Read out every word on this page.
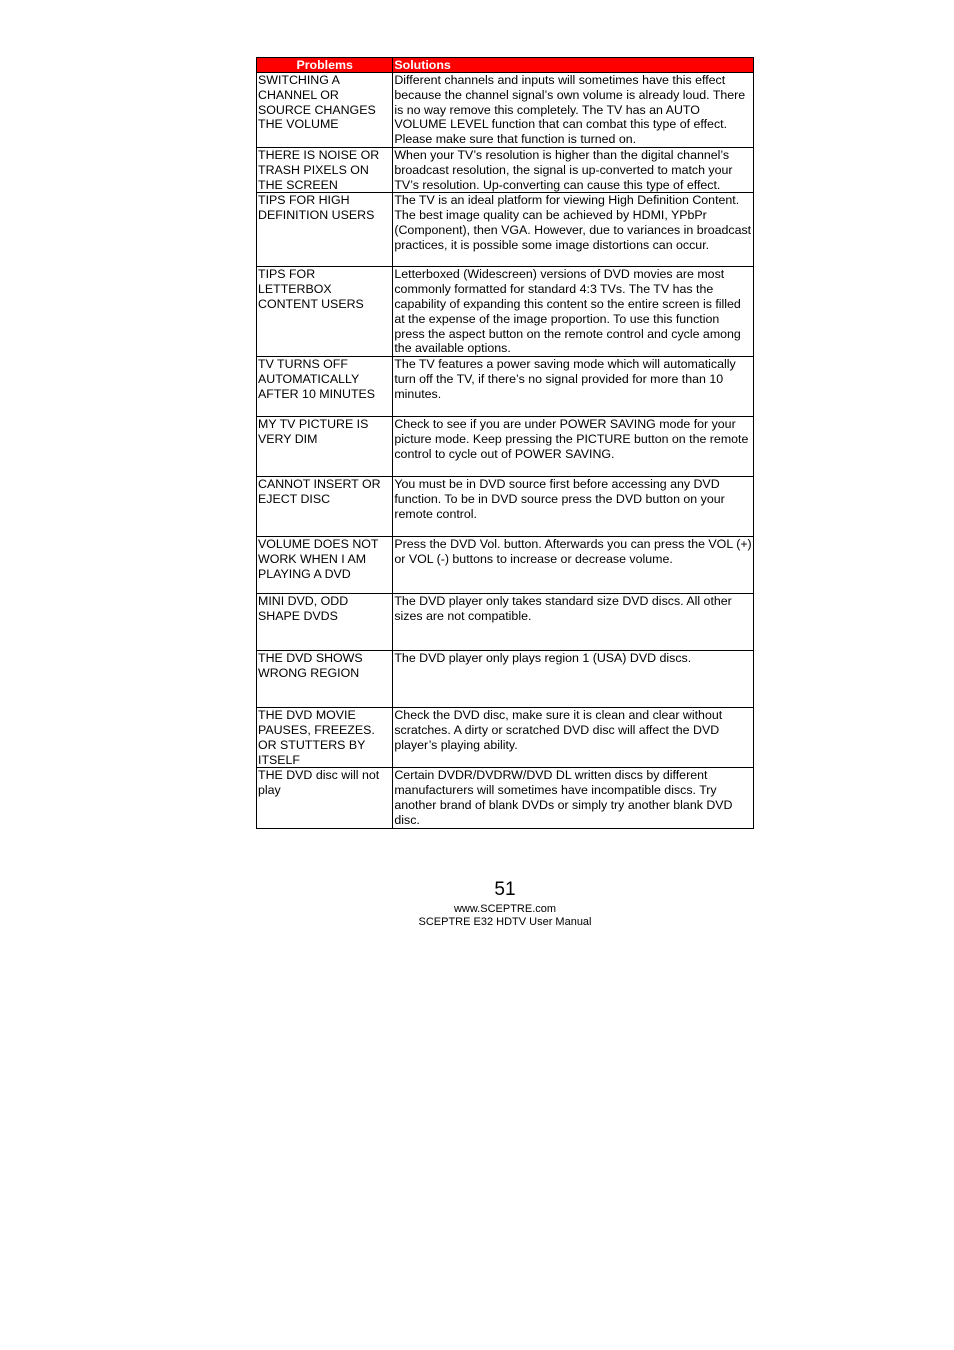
Problems	Solutions
SWITCHING A CHANNEL OR SOURCE CHANGES THE VOLUME	Different channels and inputs will sometimes have this effect because the channel signal’s own volume is already loud. There is no way remove this completely. The TV has an AUTO VOLUME LEVEL function that can combat this type of effect. Please make sure that function is turned on.
THERE IS NOISE OR TRASH PIXELS ON THE SCREEN	When your TV’s resolution is higher than the digital channel’s broadcast resolution, the signal is up-converted to match your TV’s resolution. Up-converting can cause this type of effect.
TIPS FOR HIGH DEFINITION USERS	The TV is an ideal platform for viewing High Definition Content. The best image quality can be achieved by HDMI, YPbPr (Component), then VGA. However, due to variances in broadcast practices, it is possible some image distortions can occur.
TIPS FOR LETTERBOX CONTENT USERS	Letterboxed (Widescreen) versions of DVD movies are most commonly formatted for standard 4:3 TVs. The TV has the capability of expanding this content so the entire screen is filled at the expense of the image proportion. To use this function press the aspect button on the remote control and cycle among the available options.
TV TURNS OFF AUTOMATICALLY AFTER 10 MINUTES	The TV features a power saving mode which will automatically turn off the TV, if there’s no signal provided for more than 10 minutes.
MY TV PICTURE IS VERY DIM	Check to see if you are under POWER SAVING mode for your picture mode. Keep pressing the PICTURE button on the remote control to cycle out of POWER SAVING.
CANNOT INSERT OR EJECT DISC	You must be in DVD source first before accessing any DVD function. To be in DVD source press the DVD button on your remote control.
VOLUME DOES NOT WORK WHEN I AM PLAYING A DVD	Press the DVD Vol. button. Afterwards you can press the VOL (+) or VOL (-) buttons to increase or decrease volume.
MINI DVD, ODD SHAPE DVDS	The DVD player only takes standard size DVD discs. All other sizes are not compatible.
THE DVD SHOWS WRONG REGION	The DVD player only plays region 1 (USA) DVD discs.
THE DVD MOVIE PAUSES, FREEZES. OR STUTTERS BY ITSELF	Check the DVD disc, make sure it is clean and clear without scratches. A dirty or scratched DVD disc will affect the DVD player’s playing ability.
THE DVD disc will not play	Certain DVDR/DVDRW/DVD DL written discs by different manufacturers will sometimes have incompatible discs. Try another brand of blank DVDs or simply try another blank DVD disc.
51
www.SCEPTRE.com
SCEPTRE E32 HDTV User Manual
